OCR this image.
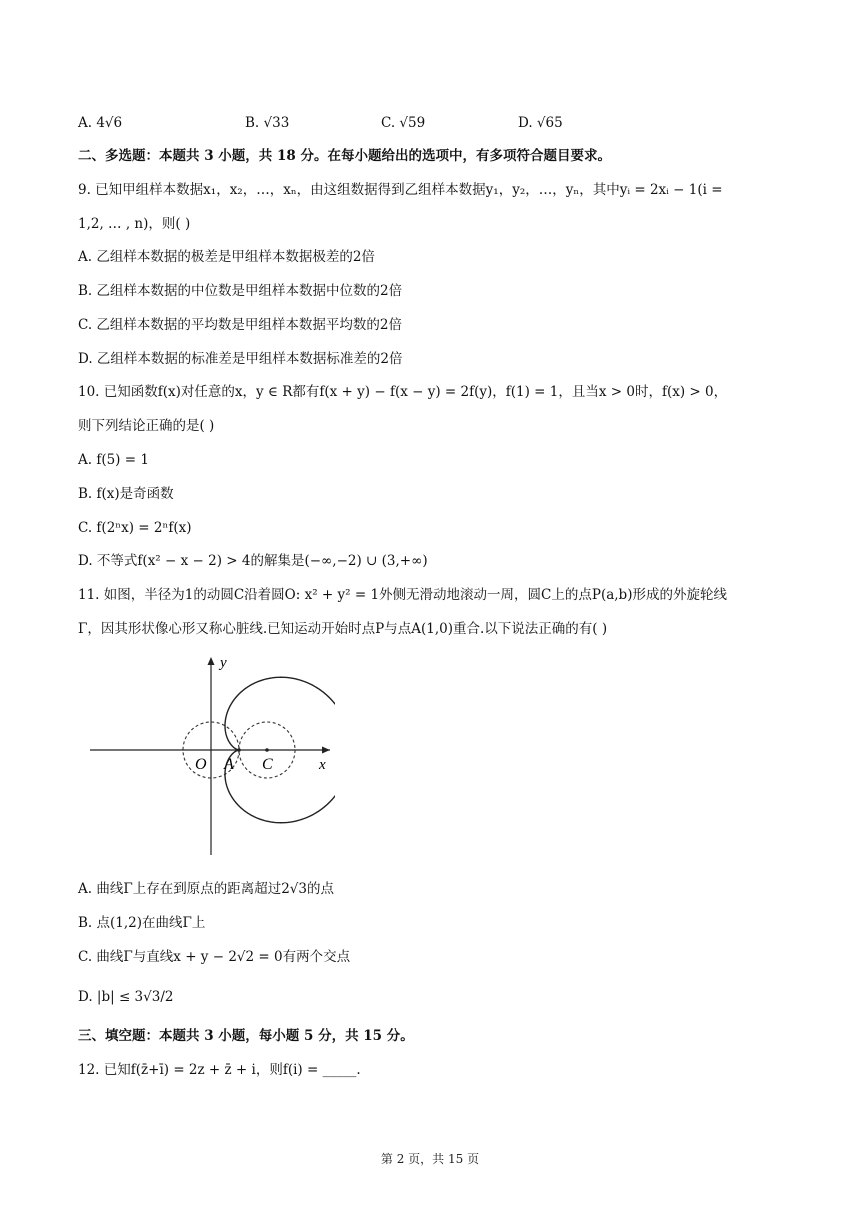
A. 4√6	B. √33	C. √59	D. √65
二、多选题：本题共 3 小题，共 18 分。在每小题给出的选项中，有多项符合题目要求。
9. 已知甲组样本数据x₁，x₂，…，xₙ，由这组数据得到乙组样本数据y₁，y₂，…，yₙ，其中yᵢ = 2xᵢ − 1(i =
1,2, … , n)，则( )
A. 乙组样本数据的极差是甲组样本数据极差的2倍
B. 乙组样本数据的中位数是甲组样本数据中位数的2倍
C. 乙组样本数据的平均数是甲组样本数据平均数的2倍
D. 乙组样本数据的标准差是甲组样本数据标准差的2倍
10. 已知函数f(x)对任意的x，y ∈ R都有f(x + y) − f(x − y) = 2f(y)，f(1) = 1，且当x > 0时，f(x) > 0，
则下列结论正确的是( )
A. f(5) = 1
B. f(x)是奇函数
C. f(2ⁿx) = 2ⁿf(x)
D. 不等式f(x² − x − 2) > 4的解集是(−∞,−2) ∪ (3,+∞)
11. 如图，半径为1的动圆C沿着圆O: x² + y² = 1外侧无滑动地滚动一周，圆C上的点P(a,b)形成的外旋轮线
Γ，因其形状像心形又称心脏线.已知运动开始时点P与点A(1,0)重合.以下说法正确的有( )
y
x
O A C
A. 曲线Γ上存在到原点的距离超过2√3的点
B. 点(1,2)在曲线Γ上
C. 曲线Γ与直线x + y − 2√2 = 0有两个交点
D. |b| ≤ 3√3/2
三、填空题：本题共 3 小题，每小题 5 分，共 15 分。
12. 已知f(z̄+ī) = 2z + z̄ + i，则f(i) = _____.
第 2 页，共 15 页
